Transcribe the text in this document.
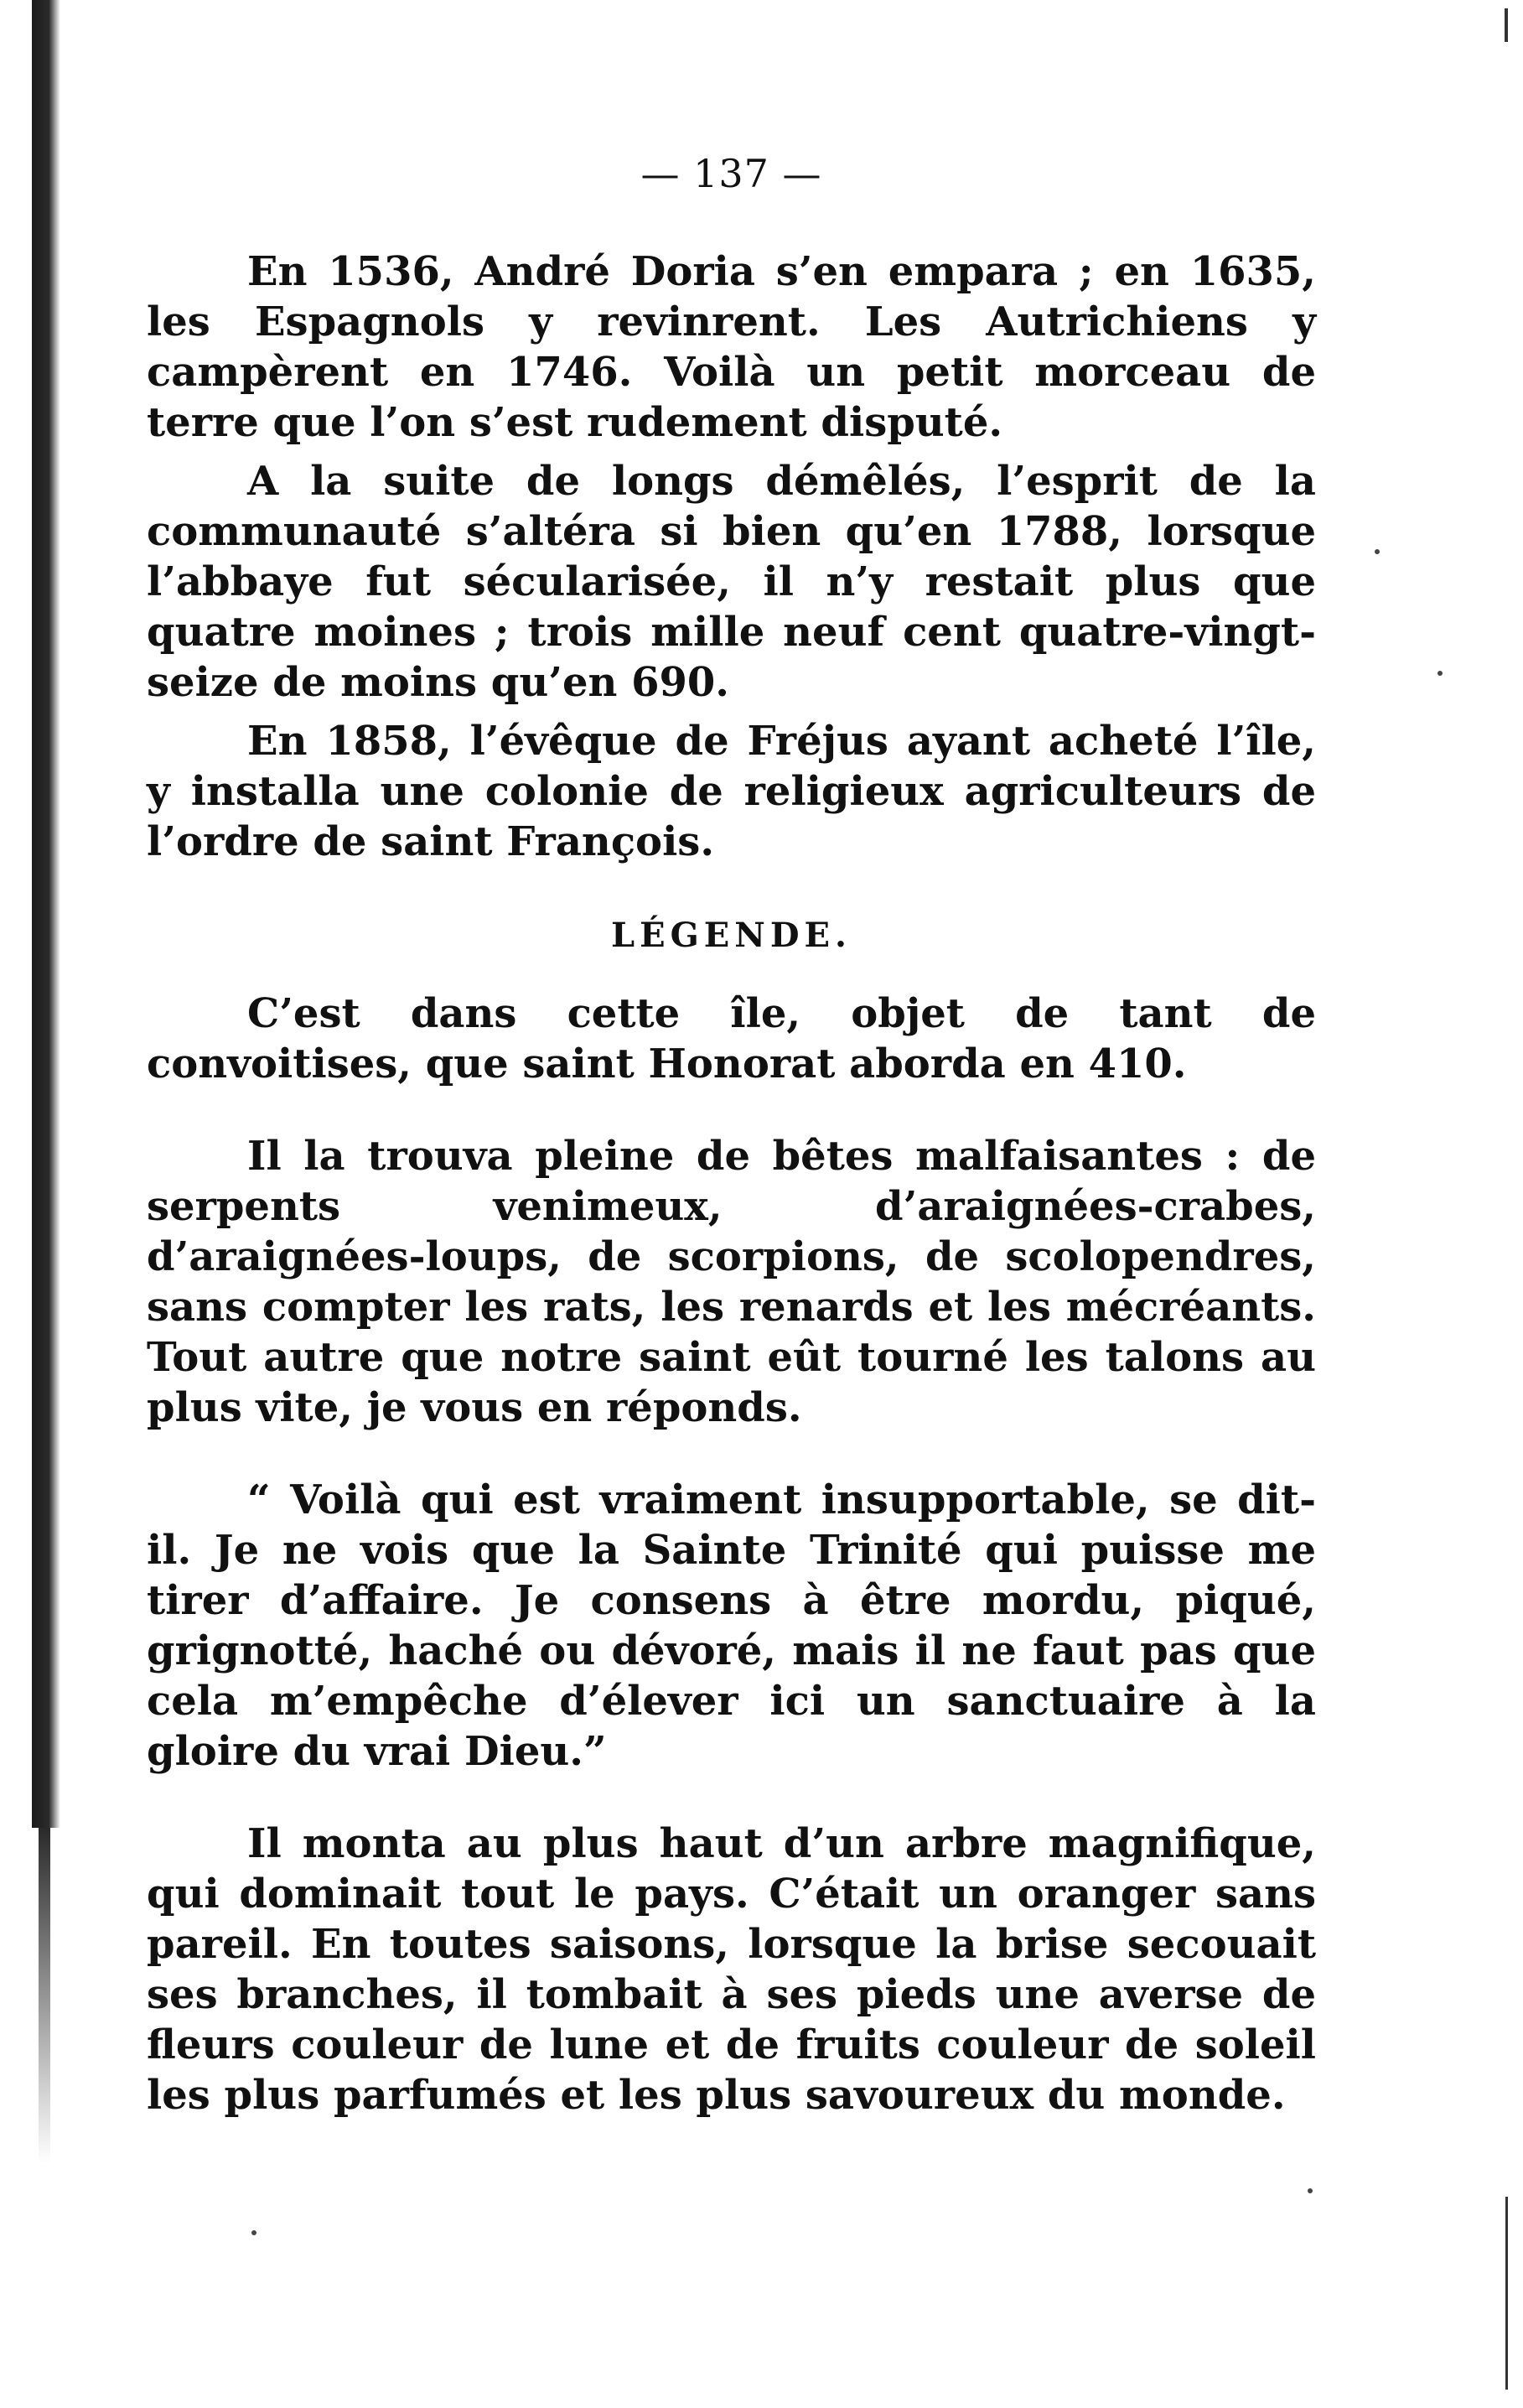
— 137 —

En 1536, André Doria s’en empara ; en 1635, les Espagnols y revinrent. Les Autrichiens y campèrent en 1746. Voilà un petit morceau de terre que l’on s’est rudement disputé.

A la suite de longs démêlés, l’esprit de la communauté s’altéra si bien qu’en 1788, lorsque l’abbaye fut sécularisée, il n’y restait plus que quatre moines ; trois mille neuf cent quatre-vingt-seize de moins qu’en 690.

En 1858, l’évêque de Fréjus ayant acheté l’île, y installa une colonie de religieux agriculteurs de l’ordre de saint François.

LÉGENDE.

C’est dans cette île, objet de tant de convoitises, que saint Honorat aborda en 410.

Il la trouva pleine de bêtes malfaisantes : de serpents venimeux, d’araignées-crabes, d’araignées-loups, de scorpions, de scolopendres, sans compter les rats, les renards et les mécréants. Tout autre que notre saint eût tourné les talons au plus vite, je vous en réponds.

“ Voilà qui est vraiment insupportable, se dit-il. Je ne vois que la Sainte Trinité qui puisse me tirer d’affaire. Je consens à être mordu, piqué, grignotté, haché ou dévoré, mais il ne faut pas que cela m’empêche d’élever ici un sanctuaire à la gloire du vrai Dieu.”

Il monta au plus haut d’un arbre magnifique, qui dominait tout le pays. C’était un oranger sans pareil. En toutes saisons, lorsque la brise secouait ses branches, il tombait à ses pieds une averse de fleurs couleur de lune et de fruits couleur de soleil les plus parfumés et les plus savoureux du monde.
